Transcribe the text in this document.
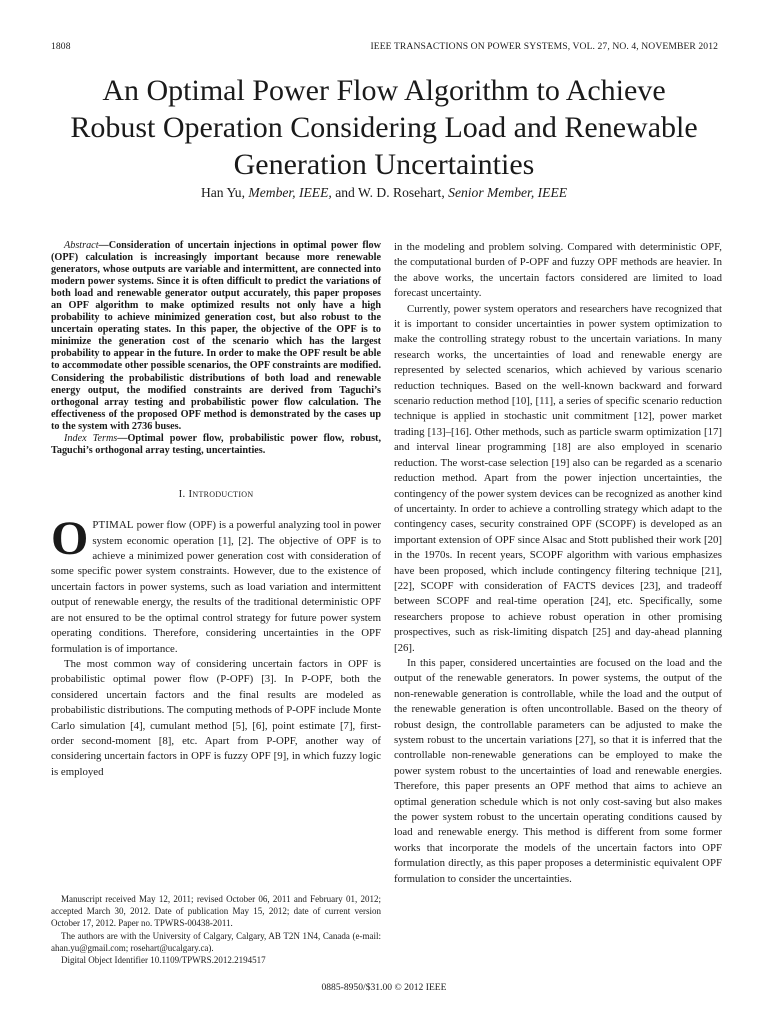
1808	IEEE TRANSACTIONS ON POWER SYSTEMS, VOL. 27, NO. 4, NOVEMBER 2012
An Optimal Power Flow Algorithm to Achieve
Robust Operation Considering Load and Renewable
Generation Uncertainties
Han Yu, Member, IEEE, and W. D. Rosehart, Senior Member, IEEE

Abstract—Consideration of uncertain injections in optimal power flow (OPF) calculation is increasingly important because more renewable generators, whose outputs are variable and intermittent, are connected into modern power systems. Since it is often difficult to predict the variations of both load and renewable generator output accurately, this paper proposes an OPF algorithm to make optimized results not only have a high probability to achieve minimized generation cost, but also robust to the uncertain operating states. In this paper, the objective of the OPF is to minimize the generation cost of the scenario which has the largest probability to appear in the future. In order to make the OPF result be able to accommodate other possible scenarios, the OPF constraints are modified. Considering the probabilistic distributions of both load and renewable energy output, the modified constraints are derived from Taguchi’s orthogonal array testing and probabilistic power flow calculation. The effectiveness of the proposed OPF method is demonstrated by the cases up to the system with 2736 buses.

Index Terms—Optimal power flow, probabilistic power flow, robust, Taguchi’s orthogonal array testing, uncertainties.

I. Introduction

OPTIMAL power flow (OPF) is a powerful analyzing tool in power system economic operation [1], [2]. The objective of OPF is to achieve a minimized power generation cost with consideration of some specific power system constraints. However, due to the existence of uncertain factors in power systems, such as load variation and intermittent output of renewable energy, the results of the traditional deterministic OPF are not ensured to be the optimal control strategy for future power system operating conditions. Therefore, considering uncertainties in the OPF formulation is of importance.

The most common way of considering uncertain factors in OPF is probabilistic optimal power flow (P-OPF) [3]. In P-OPF, both the considered uncertain factors and the final results are modeled as probabilistic distributions. The computing methods of P-OPF include Monte Carlo simulation [4], cumulant method [5], [6], point estimate [7], first-order second-moment [8], etc. Apart from P-OPF, another way of considering uncertain factors in OPF is fuzzy OPF [9], in which fuzzy logic is employed

in the modeling and problem solving. Compared with deterministic OPF, the computational burden of P-OPF and fuzzy OPF methods are heavier. In the above works, the uncertain factors considered are limited to load forecast uncertainty.

Currently, power system operators and researchers have recognized that it is important to consider uncertainties in power system optimization to make the controlling strategy robust to the uncertain variations. In many research works, the uncertainties of load and renewable energy are represented by selected scenarios, which achieved by various scenario reduction techniques. Based on the well-known backward and forward scenario reduction method [10], [11], a series of specific scenario reduction technique is applied in stochastic unit commitment [12], power market trading [13]–[16]. Other methods, such as particle swarm optimization [17] and interval linear programming [18] are also employed in scenario reduction. The worst-case selection [19] also can be regarded as a scenario reduction method. Apart from the power injection uncertainties, the contingency of the power system devices can be recognized as another kind of uncertainty. In order to achieve a controlling strategy which adapt to the contingency cases, security constrained OPF (SCOPF) is developed as an important extension of OPF since Alsac and Stott published their work [20] in the 1970s. In recent years, SCOPF algorithm with various emphasizes have been proposed, which include contingency filtering technique [21], [22], SCOPF with consideration of FACTS devices [23], and tradeoff between SCOPF and real-time operation [24], etc. Specifically, some researchers propose to achieve robust operation in other promising prospectives, such as risk-limiting dispatch [25] and day-ahead planning [26].

In this paper, considered uncertainties are focused on the load and the output of the renewable generators. In power systems, the output of the non-renewable generation is controllable, while the load and the output of the renewable generation is often uncontrollable. Based on the theory of robust design, the controllable parameters can be adjusted to make the system robust to the uncertain variations [27], so that it is inferred that the controllable non-renewable generations can be employed to make the power system robust to the uncertainties of load and renewable energies. Therefore, this paper presents an OPF method that aims to achieve an optimal generation schedule which is not only cost-saving but also makes the power system robust to the uncertain operating conditions caused by load and renewable energy. This method is different from some former works that incorporate the models of the uncertain factors into OPF formulation directly, as this paper proposes a deterministic equivalent OPF formulation to consider the uncertainties.

Manuscript received May 12, 2011; revised October 06, 2011 and February 01, 2012; accepted March 30, 2012. Date of publication May 15, 2012; date of current version October 17, 2012. Paper no. TPWRS-00438-2011.

The authors are with the University of Calgary, Calgary, AB T2N 1N4, Canada (e-mail: ahan.yu@gmail.com; rosehart@ucalgary.ca).

Digital Object Identifier 10.1109/TPWRS.2012.2194517

0885-8950/$31.00 © 2012 IEEE
